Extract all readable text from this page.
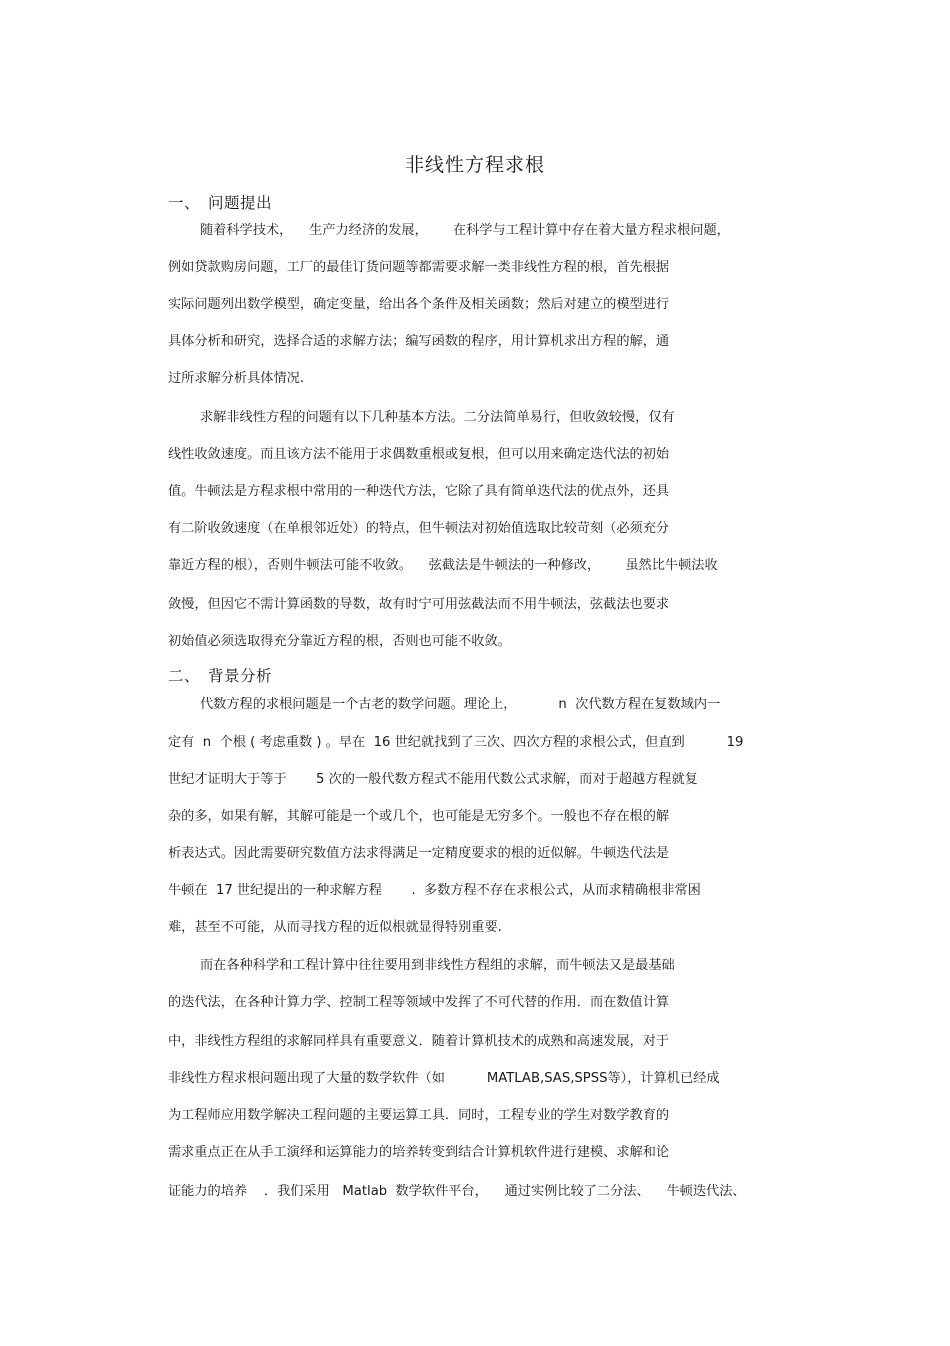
非线性方程求根
一、 问题提出
随着科学技术，    生产力经济的发展，      在科学与工程计算中存在着大量方程求根问题，
例如贷款购房问题，工厂的最佳订货问题等都需要求解一类非线性方程的根，首先根据
实际问题列出数学模型，确定变量，给出各个条件及相关函数；然后对建立的模型进行
具体分析和研究，选择合适的求解方法；编写函数的程序，用计算机求出方程的解，通
过所求解分析具体情况.
求解非线性方程的问题有以下几种基本方法。二分法简单易行，但收敛较慢，仅有
线性收敛速度。而且该方法不能用于求偶数重根或复根，但可以用来确定迭代法的初始
值。牛顿法是方程求根中常用的一种迭代方法，它除了具有简单迭代法的优点外，还具
有二阶收敛速度（在单根邻近处）的特点，但牛顿法对初始值选取比较苛刻（必须充分
靠近方程的根），否则牛顿法可能不收敛。    弦截法是牛顿法的一种修改，      虽然比牛顿法收
敛慢，但因它不需计算函数的导数，故有时宁可用弦截法而不用牛顿法，弦截法也要求
初始值必须选取得充分靠近方程的根，否则也可能不收敛。
二、 背景分析
代数方程的求根问题是一个古老的数学问题。理论上，          n  次代数方程在复数域内一
定有  n  个根 ( 考虑重数 ) 。早在  16 世纪就找到了三次、四次方程的求根公式，但直到          19
世纪才证明大于等于       5 次的一般代数方程式不能用代数公式求解，而对于超越方程就复
杂的多，如果有解，其解可能是一个或几个，也可能是无穷多个。一般也不存在根的解
析表达式。因此需要研究数值方法求得满足一定精度要求的根的近似解。牛顿迭代法是
牛顿在  17 世纪提出的一种求解方程       .  多数方程不存在求根公式，从而求精确根非常困
难，甚至不可能，从而寻找方程的近似根就显得特别重要.
而在各种科学和工程计算中往往要用到非线性方程组的求解，而牛顿法又是最基础
的迭代法，在各种计算力学、控制工程等领域中发挥了不可代替的作用．而在数值计算
中，非线性方程组的求解同样具有重要意义．随着计算机技术的成熟和高速发展，对于
非线性方程求根问题出现了大量的数学软件（如          MATLAB,SAS,SPSS等），计算机已经成
为工程师应用数学解决工程问题的主要运算工具．同时，工程专业的学生对数学教育的
需求重点正在从手工演绎和运算能力的培养转变到结合计算机软件进行建模、求解和论
证能力的培养    ．我们采用   Matlab  数学软件平台，    通过实例比较了二分法、    牛顿迭代法、
